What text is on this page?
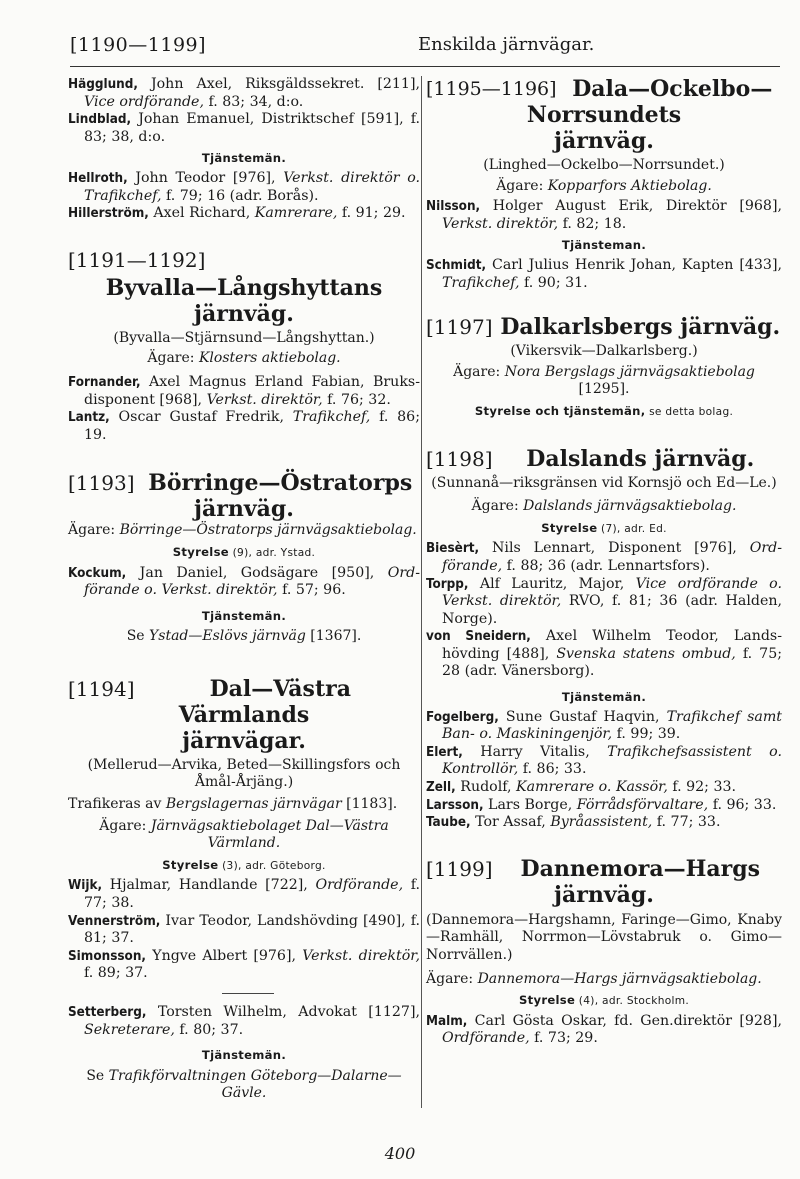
[1190—1199]	Enskilda järnvägar.
Hägglund, John Axel, Riksgäldssekret. [211], Vice ordförande, f. 83; 34, d:o.
Lindblad, Johan Emanuel, Distriktschef [591], f. 83; 38, d:o.
Tjänstemän.
Hellroth, John Teodor [976], Verkst. direktör o. Trafikchef, f. 79; 16 (adr. Borås).
Hillerström, Axel Richard, Kamrerare, f. 91; 29.
[1191—1192]
Byvalla—Långshyttans järnväg.
(Byvalla—Stjärnsund—Långshyttan.)
Ägare: Klosters aktiebolag.
Fornander, Axel Magnus Erland Fabian, Bruksdisponent [968], Verkst. direktör, f. 76; 32.
Lantz, Oscar Gustaf Fredrik, Trafikchef, f. 86; 19.
[1193] Börringe—Östratorps
järnväg.
Ägare: Börringe—Östratorps järnvägsaktiebolag.
Styrelse (9), adr. Ystad.
Kockum, Jan Daniel, Godsägare [950], Ordförande o. Verkst. direktör, f. 57; 96.
Tjänstemän.
Se Ystad—Eslövs järnväg [1367].
[1194]	Dal—Västra Värmlands
järnvägar.
(Mellerud—Arvika, Beted—Skillingsfors och Åmål-Årjäng.)
Trafikeras av Bergslagernas järnvägar [1183].
Ägare: Järnvägsaktiebolaget Dal—Västra Värmland.
Styrelse (3), adr. Göteborg.
Wijk, Hjalmar, Handlande [722], Ordförande, f. 77; 38.
Vennerström, Ivar Teodor, Landshövding [490], f. 81; 37.
Simonsson, Yngve Albert [976], Verkst. direktör, f. 89; 37.
Setterberg, Torsten Wilhelm, Advokat [1127], Sekreterare, f. 80; 37.
Tjänstemän.
Se Trafikförvaltningen Göteborg—Dalarne—Gävle.
[1195—1196] Dala—Ockelbo—Norrsundets
järnväg.
(Linghed—Ockelbo—Norrsundet.)
Ägare: Kopparfors Aktiebolag.
Nilsson, Holger August Erik, Direktör [968], Verkst. direktör, f. 82; 18.
Tjänsteman.
Schmidt, Carl Julius Henrik Johan, Kapten [433], Trafikchef, f. 90; 31.
[1197] Dalkarlsbergs järnväg.
(Vikersvik—Dalkarlsberg.)
Ägare: Nora Bergslags järnvägsaktiebolag
[1295].
Styrelse och tjänstemän, se detta bolag.
[1198] Dalslands järnväg.
(Sunnanå—riksgränsen vid Kornsjö och Ed—Le.)
Ägare: Dalslands järnvägsaktiebolag.
Styrelse (7), adr. Ed.
Biesèrt, Nils Lennart, Disponent [976], Ordförande, f. 88; 36 (adr. Lennartsfors).
Torpp, Alf Lauritz, Major, Vice ordförande o. Verkst. direktör, RVO, f. 81; 36 (adr. Halden, Norge).
von Sneidern, Axel Wilhelm Teodor, Landshövding [488], Svenska statens ombud, f. 75; 28 (adr. Vänersborg).
Tjänstemän.
Fogelberg, Sune Gustaf Haqvin, Trafikchef samt Ban- o. Maskiningenjör, f. 99; 39.
Elert, Harry Vitalis, Trafikchefsassistent o. Kontrollör, f. 86; 33.
Zell, Rudolf, Kamrerare o. Kassör, f. 92; 33.
Larsson, Lars Borge, Förrådsförvaltare, f. 96; 33.
Taube, Tor Assaf, Byråassistent, f. 77; 33.
[1199] Dannemora—Hargs järnväg.
(Dannemora—Hargshamn, Faringe—Gimo, Knaby—Ramhäll, Norrmon—Lövstabruk o. Gimo—Norrvällen.)
Ägare: Dannemora—Hargs järnvägsaktiebolag.
Styrelse (4), adr. Stockholm.
Malm, Carl Gösta Oskar, fd. Gen.direktör [928], Ordförande, f. 73; 29.
400
